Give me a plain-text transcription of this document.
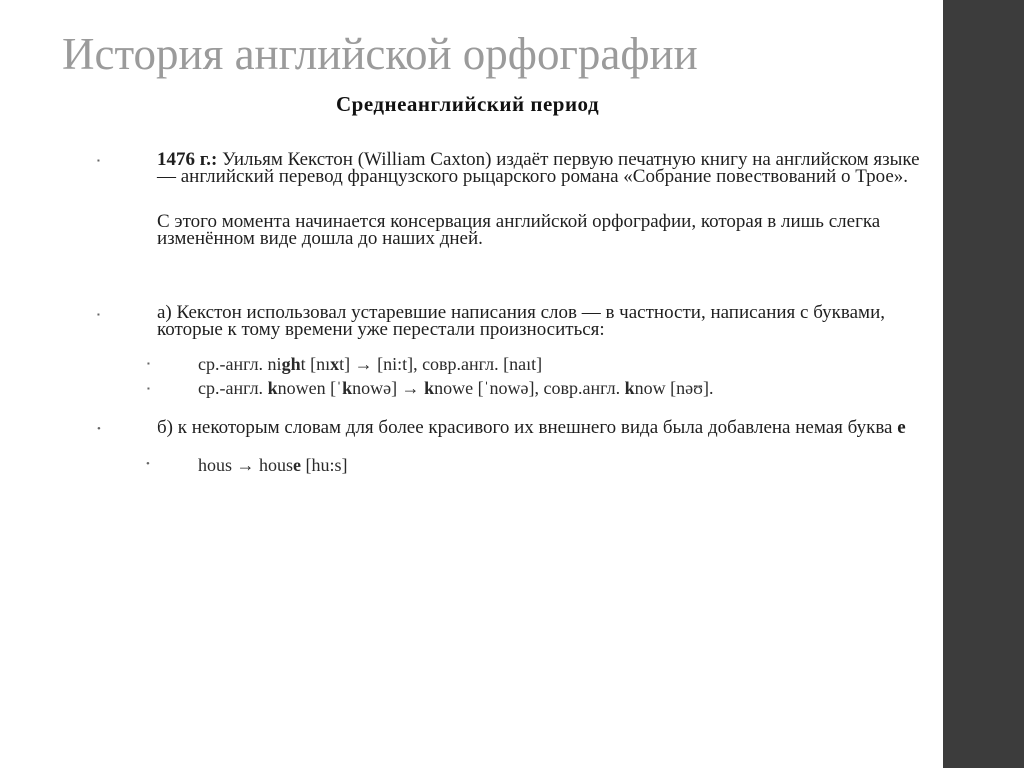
История английской орфографии
Среднеанглийский период
▪	1476 г.: Уильям Кекстон (William Caxton) издаёт первую печатную книгу на английском языке — английский перевод французского рыцарского романа «Собрание повествований о Трое».
С этого момента начинается консервация английской орфографии, которая в лишь слегка изменённом виде дошла до наших дней.
▪	а) Кекстон использовал устаревшие написания слов — в частности, написания с буквами, которые к тому времени уже перестали произноситься:
▪	ср.-англ. night [nıxt] → [ni:t], совр.англ. [naıt]
▪	ср.-англ. knowen [ˈknowə] → knowe [ˈnowə], совр.англ. know [nəʊ].
•	б) к некоторым словам для более красивого их внешнего вида была добавлена немая буква e
•	hous → house [hu:s]
